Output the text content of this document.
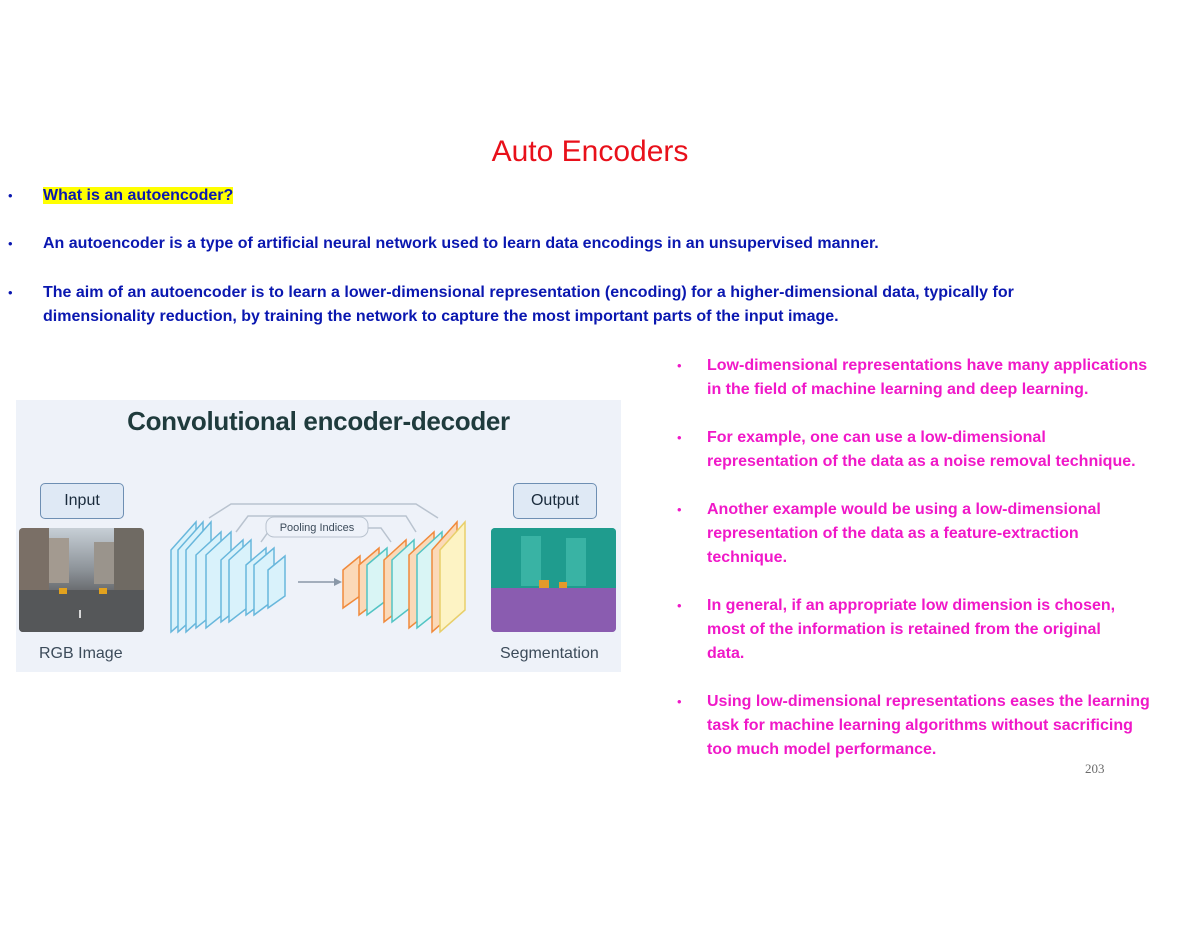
Auto Encoders
• What is an autoencoder?
• An autoencoder is a type of artificial neural network used to learn data encodings in an unsupervised manner.
• The aim of an autoencoder is to learn a lower-dimensional representation (encoding) for a higher-dimensional data, typically for
dimensionality reduction, by training the network to capture the most important parts of the input image.
Convolutional encoder-decoder
Input	Output
Pooling Indices
RGB Image	Segmentation
• Low-dimensional representations have many applications
in the field of machine learning and deep learning.
• For example, one can use a low-dimensional
representation of the data as a noise removal technique.
• Another example would be using a low-dimensional
representation of the data as a feature-extraction
technique.
• In general, if an appropriate low dimension is chosen,
most of the information is retained from the original
data.
• Using low-dimensional representations eases the learning
task for machine learning algorithms without sacrificing
too much model performance.
203
